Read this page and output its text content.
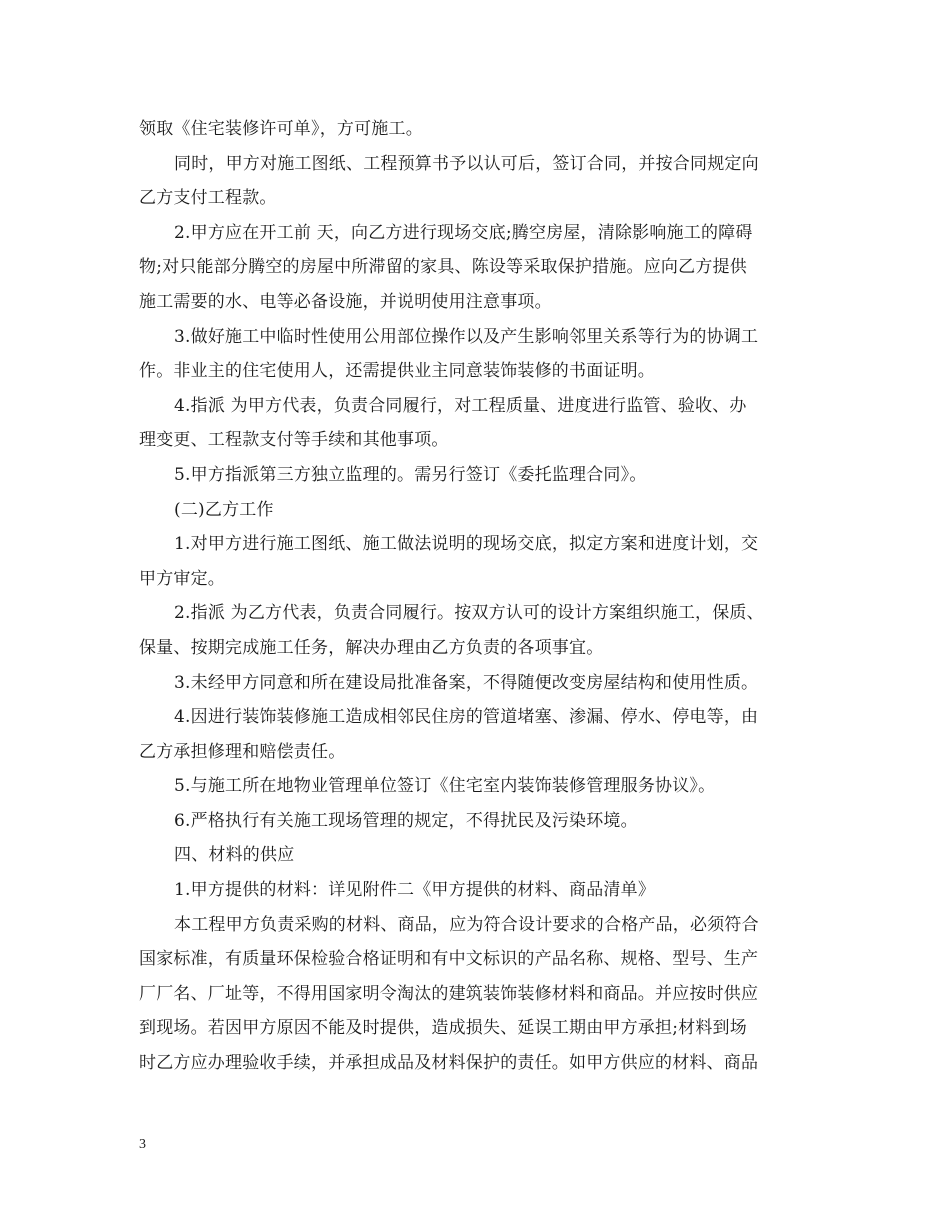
领取《住宅装修许可单》，方可施工。
同时，甲方对施工图纸、工程预算书予以认可后，签订合同，并按合同规定向
乙方支付工程款。
2.甲方应在开工前 天，向乙方进行现场交底;腾空房屋，清除影响施工的障碍
物;对只能部分腾空的房屋中所滞留的家具、陈设等采取保护措施。应向乙方提供
施工需要的水、电等必备设施，并说明使用注意事项。
3.做好施工中临时性使用公用部位操作以及产生影响邻里关系等行为的协调工
作。非业主的住宅使用人，还需提供业主同意装饰装修的书面证明。
4.指派 为甲方代表，负责合同履行，对工程质量、进度进行监管、验收、办
理变更、工程款支付等手续和其他事项。
5.甲方指派第三方独立监理的。需另行签订《委托监理合同》。
(二)乙方工作
1.对甲方进行施工图纸、施工做法说明的现场交底，拟定方案和进度计划，交
甲方审定。
2.指派 为乙方代表，负责合同履行。按双方认可的设计方案组织施工，保质、
保量、按期完成施工任务，解决办理由乙方负责的各项事宜。
3.未经甲方同意和所在建设局批准备案，不得随便改变房屋结构和使用性质。
4.因进行装饰装修施工造成相邻民住房的管道堵塞、渗漏、停水、停电等，由
乙方承担修理和赔偿责任。
5.与施工所在地物业管理单位签订《住宅室内装饰装修管理服务协议》。
6.严格执行有关施工现场管理的规定，不得扰民及污染环境。
四、材料的供应
1.甲方提供的材料：详见附件二《甲方提供的材料、商品清单》
本工程甲方负责采购的材料、商品，应为符合设计要求的合格产品，必须符合
国家标准，有质量环保检验合格证明和有中文标识的产品名称、规格、型号、生产
厂厂名、厂址等，不得用国家明令淘汰的建筑装饰装修材料和商品。并应按时供应
到现场。若因甲方原因不能及时提供，造成损失、延误工期由甲方承担;材料到场
时乙方应办理验收手续，并承担成品及材料保护的责任。如甲方供应的材料、商品
3
